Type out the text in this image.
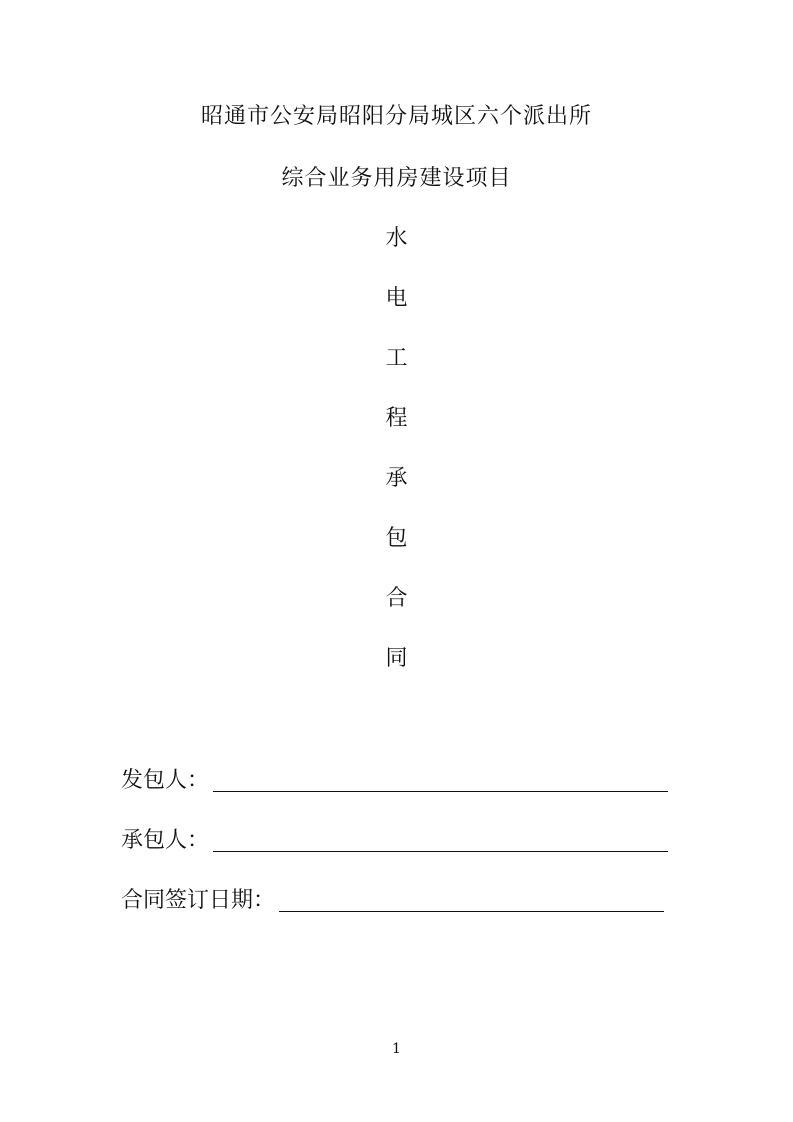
昭通市公安局昭阳分局城区六个派出所
综合业务用房建设项目
水
电
工
程
承
包
合
同
发包人：
承包人：
合同签订日期：
1
